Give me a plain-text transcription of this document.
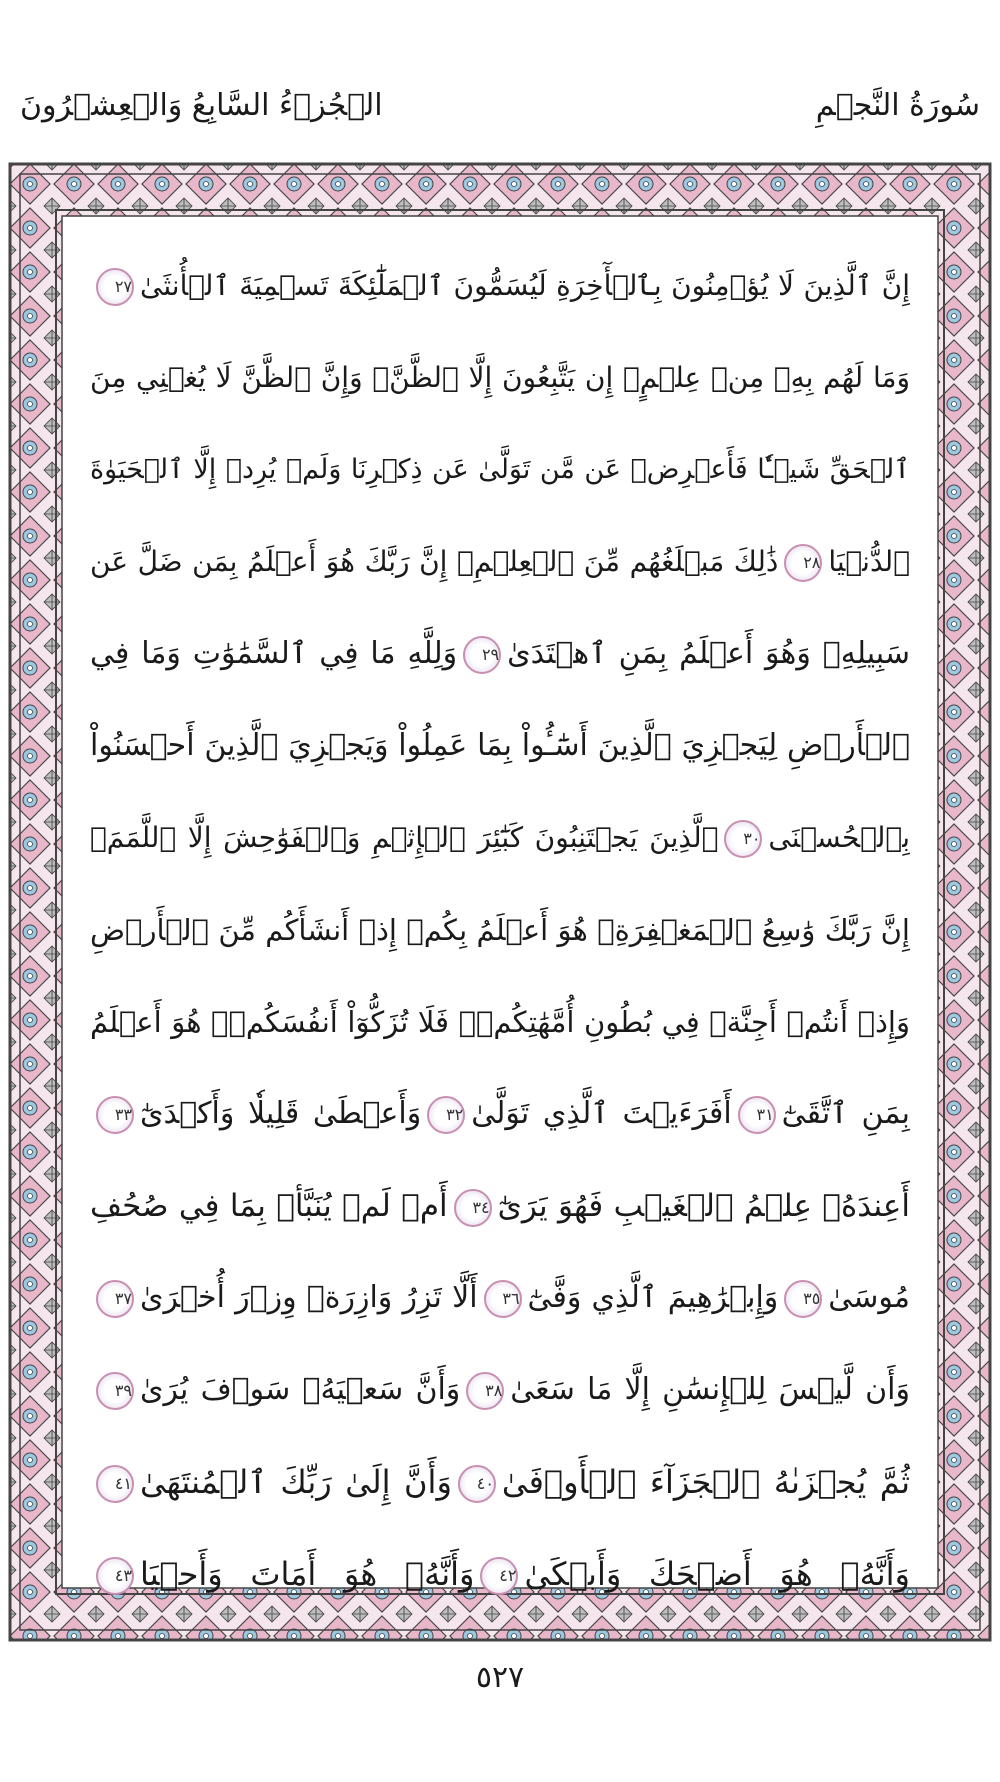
سُورَةُ النَّجۡمِ
الۡجُزۡءُ السَّابِعُ وَالۡعِشۡرُونَ
إِنَّ ٱلَّذِينَ لَا يُؤۡمِنُونَ بِٱلۡأٓخِرَةِ لَيُسَمُّونَ ٱلۡمَلَٰٓئِكَةَ تَسۡمِيَةَ ٱلۡأُنثَىٰ٢٧
وَمَا لَهُم بِهِۦ مِنۡ عِلۡمٍۖ إِن يَتَّبِعُونَ إِلَّا ٱلظَّنَّۖ وَإِنَّ ٱلظَّنَّ لَا يُغۡنِي مِنَ
ٱلۡحَقِّ شَيۡـٔٗا فَأَعۡرِضۡ عَن مَّن تَوَلَّىٰ عَن ذِكۡرِنَا وَلَمۡ يُرِدۡ إِلَّا ٱلۡحَيَوٰةَ
ٱلدُّنۡيَا٢٨ذَٰلِكَ مَبۡلَغُهُم مِّنَ ٱلۡعِلۡمِۚ إِنَّ رَبَّكَ هُوَ أَعۡلَمُ بِمَن ضَلَّ عَن
سَبِيلِهِۦ وَهُوَ أَعۡلَمُ بِمَنِ ٱهۡتَدَىٰ٢٩وَلِلَّهِ مَا فِي ٱلسَّمَٰوَٰتِ وَمَا فِي
ٱلۡأَرۡضِ لِيَجۡزِيَ ٱلَّذِينَ أَسَٰٓـُٔواْ بِمَا عَمِلُواْ وَيَجۡزِيَ ٱلَّذِينَ أَحۡسَنُواْ
بِٱلۡحُسۡنَى٣٠ٱلَّذِينَ يَجۡتَنِبُونَ كَبَٰٓئِرَ ٱلۡإِثۡمِ وَٱلۡفَوَٰحِشَ إِلَّا ٱللَّمَمَۚ
إِنَّ رَبَّكَ وَٰسِعُ ٱلۡمَغۡفِرَةِۚ هُوَ أَعۡلَمُ بِكُمۡ إِذۡ أَنشَأَكُم مِّنَ ٱلۡأَرۡضِ
وَإِذۡ أَنتُمۡ أَجِنَّةٞ فِي بُطُونِ أُمَّهَٰتِكُمۡۖ فَلَا تُزَكُّوٓاْ أَنفُسَكُمۡۖ هُوَ أَعۡلَمُ
بِمَنِ ٱتَّقَىٰٓ٣١أَفَرَءَيۡتَ ٱلَّذِي تَوَلَّىٰ٣٢وَأَعۡطَىٰ قَلِيلٗا وَأَكۡدَىٰٓ٣٣
أَعِندَهُۥ عِلۡمُ ٱلۡغَيۡبِ فَهُوَ يَرَىٰٓ٣٤أَمۡ لَمۡ يُنَبَّأۡ بِمَا فِي صُحُفِ
مُوسَىٰ٣٥وَإِبۡرَٰهِيمَ ٱلَّذِي وَفَّىٰٓ٣٦أَلَّا تَزِرُ وَازِرَةٞ وِزۡرَ أُخۡرَىٰ٣٧
وَأَن لَّيۡسَ لِلۡإِنسَٰنِ إِلَّا مَا سَعَىٰ٣٨وَأَنَّ سَعۡيَهُۥ سَوۡفَ يُرَىٰ٣٩
ثُمَّ يُجۡزَىٰهُ ٱلۡجَزَآءَ ٱلۡأَوۡفَىٰ٤٠وَأَنَّ إِلَىٰ رَبِّكَ ٱلۡمُنتَهَىٰ٤١
وَأَنَّهُۥ هُوَ أَضۡحَكَ وَأَبۡكَىٰ٤٢وَأَنَّهُۥ هُوَ أَمَاتَ وَأَحۡيَا٤٣
٥٢٧
